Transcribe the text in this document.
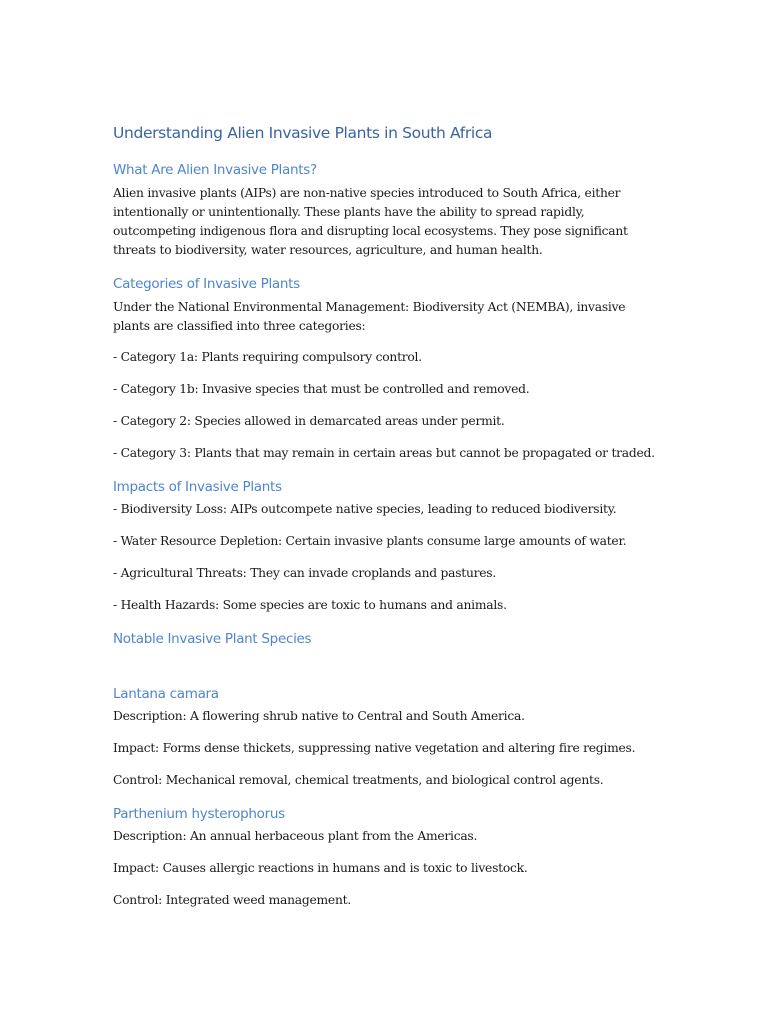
Understanding Alien Invasive Plants in South Africa
What Are Alien Invasive Plants?

Alien invasive plants (AIPs) are non-native species introduced to South Africa, either intentionally or unintentionally. These plants have the ability to spread rapidly, outcompeting indigenous flora and disrupting local ecosystems. They pose significant threats to biodiversity, water resources, agriculture, and human health.

Categories of Invasive Plants

Under the National Environmental Management: Biodiversity Act (NEMBA), invasive plants are classified into three categories:

- Category 1a: Plants requiring compulsory control.

- Category 1b: Invasive species that must be controlled and removed.

- Category 2: Species allowed in demarcated areas under permit.

- Category 3: Plants that may remain in certain areas but cannot be propagated or traded.

Impacts of Invasive Plants

- Biodiversity Loss: AIPs outcompete native species, leading to reduced biodiversity.

- Water Resource Depletion: Certain invasive plants consume large amounts of water.

- Agricultural Threats: They can invade croplands and pastures.

- Health Hazards: Some species are toxic to humans and animals.

Notable Invasive Plant Species
Lantana camara

Description: A flowering shrub native to Central and South America.

Impact: Forms dense thickets, suppressing native vegetation and altering fire regimes.

Control: Mechanical removal, chemical treatments, and biological control agents.

Parthenium hysterophorus

Description: An annual herbaceous plant from the Americas.

Impact: Causes allergic reactions in humans and is toxic to livestock.

Control: Integrated weed management.
